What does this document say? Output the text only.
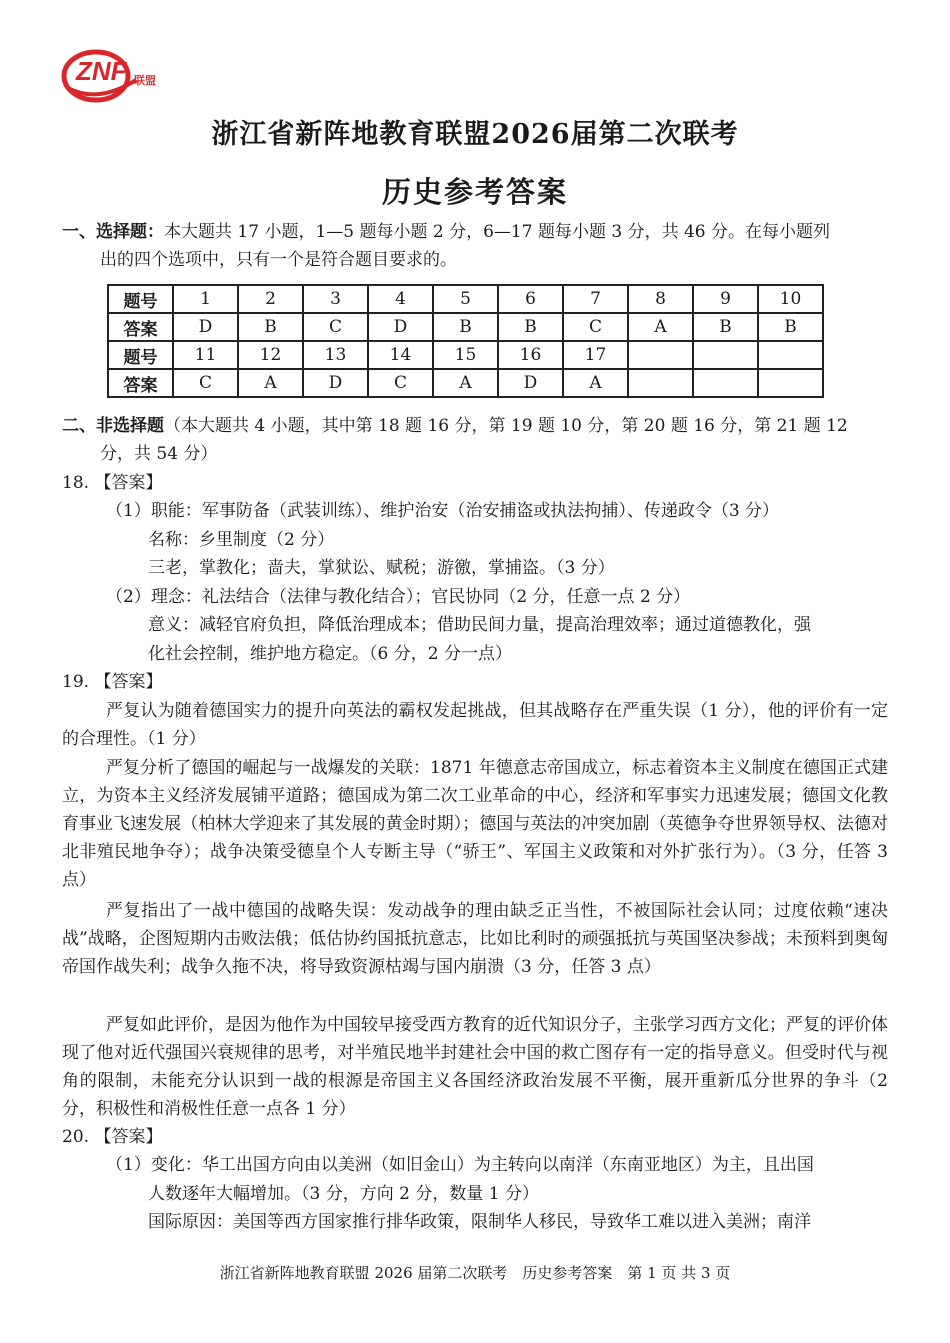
ZNF 联盟
浙江省新阵地教育联盟2026届第二次联考
历史参考答案
一、选择题：本大题共 17 小题，1—5 题每小题 2 分，6—17 题每小题 3 分，共 46 分。在每小题列
出的四个选项中，只有一个是符合题目要求的。
题号	1	2	3	4	5	6	7	8	9	10
答案	D	B	C	D	B	B	C	A	B	B
题号	11	12	13	14	15	16	17			
答案	C	A	D	C	A	D	A			
二、非选择题（本大题共 4 小题，其中第 18 题 16 分，第 19 题 10 分，第 20 题 16 分，第 21 题 12
分，共 54 分）
18. 【答案】
（1）职能：军事防备（武装训练）、维护治安（治安捕盗或执法拘捕）、传递政令（3 分）
名称：乡里制度（2 分）
三老，掌教化；啬夫，掌狱讼、赋税；游徼，掌捕盗。（3 分）
（2）理念：礼法结合（法律与教化结合）；官民协同（2 分，任意一点 2 分）
意义：减轻官府负担，降低治理成本；借助民间力量，提高治理效率；通过道德教化，强
化社会控制，维护地方稳定。（6 分，2 分一点）
19. 【答案】
严复认为随着德国实力的提升向英法的霸权发起挑战，但其战略存在严重失误（1 分），他的评价有一定的合理性。（1 分）
严复分析了德国的崛起与一战爆发的关联：1871 年德意志帝国成立，标志着资本主义制度在德国正式建立，为资本主义经济发展铺平道路；德国成为第二次工业革命的中心，经济和军事实力迅速发展；德国文化教育事业飞速发展（柏林大学迎来了其发展的黄金时期）；德国与英法的冲突加剧（英德争夺世界领导权、法德对北非殖民地争夺）；战争决策受德皇个人专断主导（“骄王”、军国主义政策和对外扩张行为）。（3 分，任答 3 点）
严复指出了一战中德国的战略失误：发动战争的理由缺乏正当性，不被国际社会认同；过度依赖“速决战”战略，企图短期内击败法俄；低估协约国抵抗意志，比如比利时的顽强抵抗与英国坚决参战；未预料到奥匈帝国作战失利；战争久拖不决，将导致资源枯竭与国内崩溃（3 分，任答 3 点）
严复如此评价，是因为他作为中国较早接受西方教育的近代知识分子，主张学习西方文化；严复的评价体现了他对近代强国兴衰规律的思考，对半殖民地半封建社会中国的救亡图存有一定的指导意义。但受时代与视角的限制，未能充分认识到一战的根源是帝国主义各国经济政治发展不平衡，展开重新瓜分世界的争斗（2 分，积极性和消极性任意一点各 1 分）
20. 【答案】
（1）变化：华工出国方向由以美洲（如旧金山）为主转向以南洋（东南亚地区）为主，且出国
人数逐年大幅增加。（3 分，方向 2 分，数量 1 分）
国际原因：美国等西方国家推行排华政策，限制华人移民，导致华工难以进入美洲；南洋
浙江省新阵地教育联盟 2026 届第二次联考　历史参考答案　第 1 页 共 3 页
